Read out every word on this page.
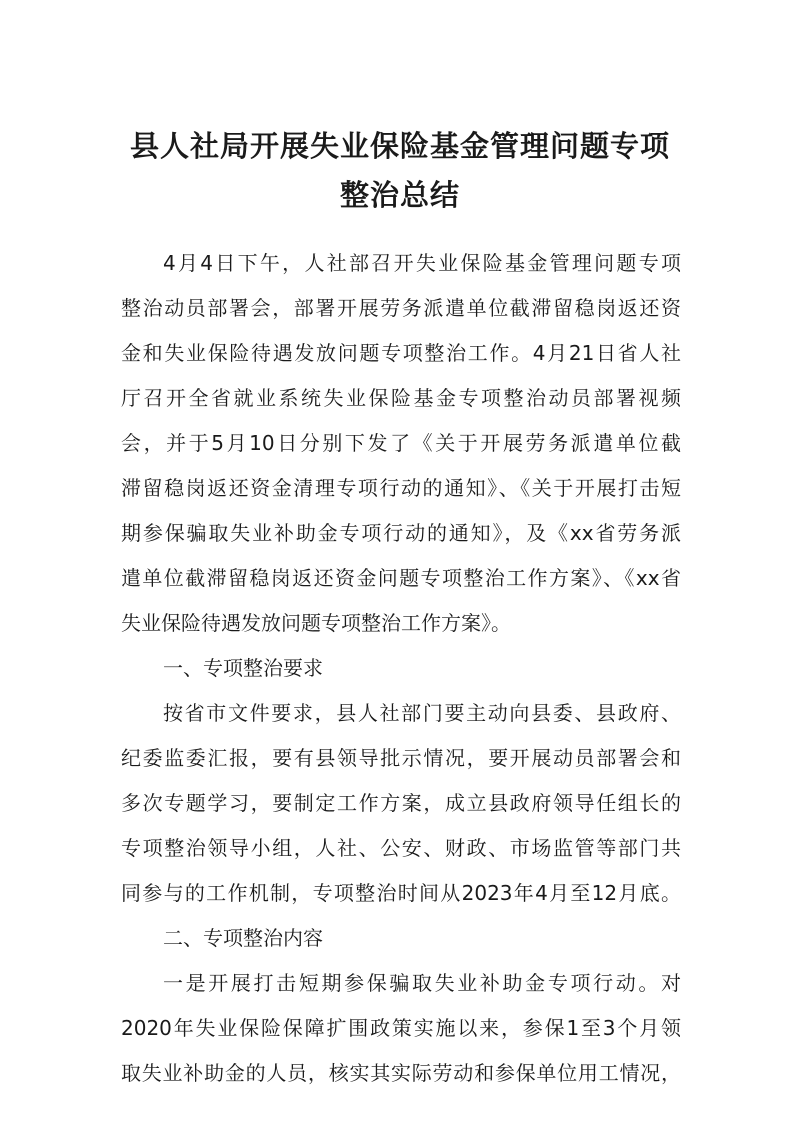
县人社局开展失业保险基金管理问题专项
整治总结

4月4日下午，人社部召开失业保险基金管理问题专项

整治动员部署会，部署开展劳务派遣单位截滞留稳岗返还资

金和失业保险待遇发放问题专项整治工作。4月21日省人社

厅召开全省就业系统失业保险基金专项整治动员部署视频

会，并于5月10日分别下发了《关于开展劳务派遣单位截

滞留稳岗返还资金清理专项行动的通知》、《关于开展打击短

期参保骗取失业补助金专项行动的通知》，及《xx省劳务派

遣单位截滞留稳岗返还资金问题专项整治工作方案》、《xx省

失业保险待遇发放问题专项整治工作方案》。

一、专项整治要求

按省市文件要求，县人社部门要主动向县委、县政府、

纪委监委汇报，要有县领导批示情况，要开展动员部署会和

多次专题学习，要制定工作方案，成立县政府领导任组长的

专项整治领导小组，人社、公安、财政、市场监管等部门共

同参与的工作机制，专项整治时间从2023年4月至12月底。

二、专项整治内容

一是开展打击短期参保骗取失业补助金专项行动。对

2020年失业保险保障扩围政策实施以来，参保1至3个月领

取失业补助金的人员，核实其实际劳动和参保单位用工情况，
